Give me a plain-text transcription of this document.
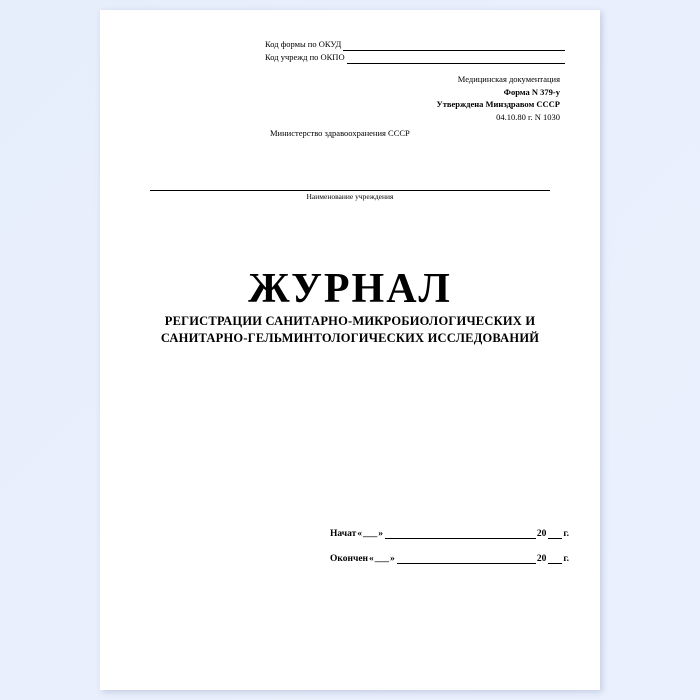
Код формы по ОКУД
Код учрежд по ОКПО
Медицинская документация
Форма N 379-у
Утверждена Минздравом СССР
04.10.80 г. N 1030
Министерство здравоохранения СССР
Наименование учреждения
ЖУРНАЛ
РЕГИСТРАЦИИ САНИТАРНО-МИКРОБИОЛОГИЧЕСКИХ И
САНИТАРНО-ГЕЛЬМИНТОЛОГИЧЕСКИХ ИССЛЕДОВАНИЙ
Начат « ___ »	20 г.
Окончен « ___ »	20 г.
